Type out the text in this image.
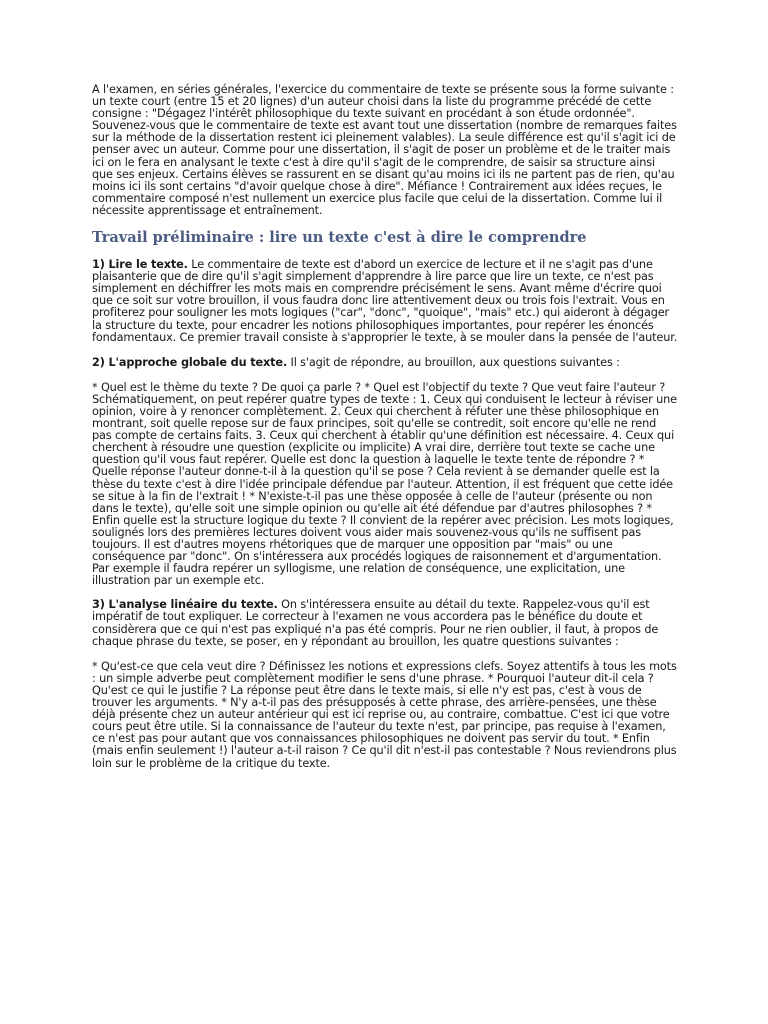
A l'examen, en séries générales, l'exercice du commentaire de texte se présente sous la forme suivante : un texte court (entre 15 et 20 lignes) d'un auteur choisi dans la liste du programme précédé de cette consigne : "Dégagez l'intérêt philosophique du texte suivant en procédant à son étude ordonnée". Souvenez-vous que le commentaire de texte est avant tout une dissertation (nombre de remarques faites sur la méthode de la dissertation restent ici pleinement valables). La seule différence est qu'il s'agit ici de penser avec un auteur. Comme pour une dissertation, il s'agit de poser un problème et de le traiter mais ici on le fera en analysant le texte c'est à dire qu'il s'agit de le comprendre, de saisir sa structure ainsi que ses enjeux. Certains élèves se rassurent en se disant qu'au moins ici ils ne partent pas de rien, qu'au moins ici ils sont certains "d'avoir quelque chose à dire". Méfiance ! Contrairement aux idées reçues, le commentaire composé n'est nullement un exercice plus facile que celui de la dissertation. Comme lui il nécessite apprentissage et entraînement.

Travail préliminaire : lire un texte c'est à dire le comprendre

1) Lire le texte. Le commentaire de texte est d'abord un exercice de lecture et il ne s'agit pas d'une plaisanterie que de dire qu'il s'agit simplement d'apprendre à lire parce que lire un texte, ce n'est pas simplement en déchiffrer les mots mais en comprendre précisément le sens. Avant même d'écrire quoi que ce soit sur votre brouillon, il vous faudra donc lire attentivement deux ou trois fois l'extrait. Vous en profiterez pour souligner les mots logiques ("car", "donc", "quoique", "mais" etc.) qui aideront à dégager la structure du texte, pour encadrer les notions philosophiques importantes, pour repérer les énoncés fondamentaux. Ce premier travail consiste à s'approprier le texte, à se mouler dans la pensée de l'auteur.

2) L'approche globale du texte. Il s'agit de répondre, au brouillon, aux questions suivantes :

* Quel est le thème du texte ? De quoi ça parle ? * Quel est l'objectif du texte ? Que veut faire l'auteur ? Schématiquement, on peut repérer quatre types de texte : 1. Ceux qui conduisent le lecteur à réviser une opinion, voire à y renoncer complètement. 2. Ceux qui cherchent à réfuter une thèse philosophique en montrant, soit quelle repose sur de faux principes, soit qu'elle se contredit, soit encore qu'elle ne rend pas compte de certains faits. 3. Ceux qui cherchent à établir qu'une définition est nécessaire. 4. Ceux qui cherchent à résoudre une question (explicite ou implicite) A vrai dire, derrière tout texte se cache une question qu'il vous faut repérer. Quelle est donc la question à laquelle le texte tente de répondre ? * Quelle réponse l'auteur donne-t-il à la question qu'il se pose ? Cela revient à se demander quelle est la thèse du texte c'est à dire l'idée principale défendue par l'auteur. Attention, il est fréquent que cette idée se situe à la fin de l'extrait ! * N'existe-t-il pas une thèse opposée à celle de l'auteur (présente ou non dans le texte), qu'elle soit une simple opinion ou qu'elle ait été défendue par d'autres philosophes ? * Enfin quelle est la structure logique du texte ? Il convient de la repérer avec précision. Les mots logiques, soulignés lors des premières lectures doivent vous aider mais souvenez-vous qu'ils ne suffisent pas toujours. Il est d'autres moyens rhétoriques que de marquer une opposition par "mais" ou une conséquence par "donc". On s'intéressera aux procédés logiques de raisonnement et d'argumentation. Par exemple il faudra repérer un syllogisme, une relation de conséquence, une explicitation, une illustration par un exemple etc.

3) L'analyse linéaire du texte. On s'intéressera ensuite au détail du texte. Rappelez-vous qu'il est impératif de tout expliquer. Le correcteur à l'examen ne vous accordera pas le bénéfice du doute et considèrera que ce qui n'est pas expliqué n'a pas été compris. Pour ne rien oublier, il faut, à propos de chaque phrase du texte, se poser, en y répondant au brouillon, les quatre questions suivantes :

* Qu'est-ce que cela veut dire ? Définissez les notions et expressions clefs. Soyez attentifs à tous les mots : un simple adverbe peut complètement modifier le sens d'une phrase. * Pourquoi l'auteur dit-il cela ? Qu'est ce qui le justifie ? La réponse peut être dans le texte mais, si elle n'y est pas, c'est à vous de trouver les arguments. * N'y a-t-il pas des présupposés à cette phrase, des arrière-pensées, une thèse déjà présente chez un auteur antérieur qui est ici reprise ou, au contraire, combattue. C'est ici que votre cours peut être utile. Si la connaissance de l'auteur du texte n'est, par principe, pas requise à l'examen, ce n'est pas pour autant que vos connaissances philosophiques ne doivent pas servir du tout. * Enfin (mais enfin seulement !) l'auteur a-t-il raison ? Ce qu'il dit n'est-il pas contestable ? Nous reviendrons plus loin sur le problème de la critique du texte.
